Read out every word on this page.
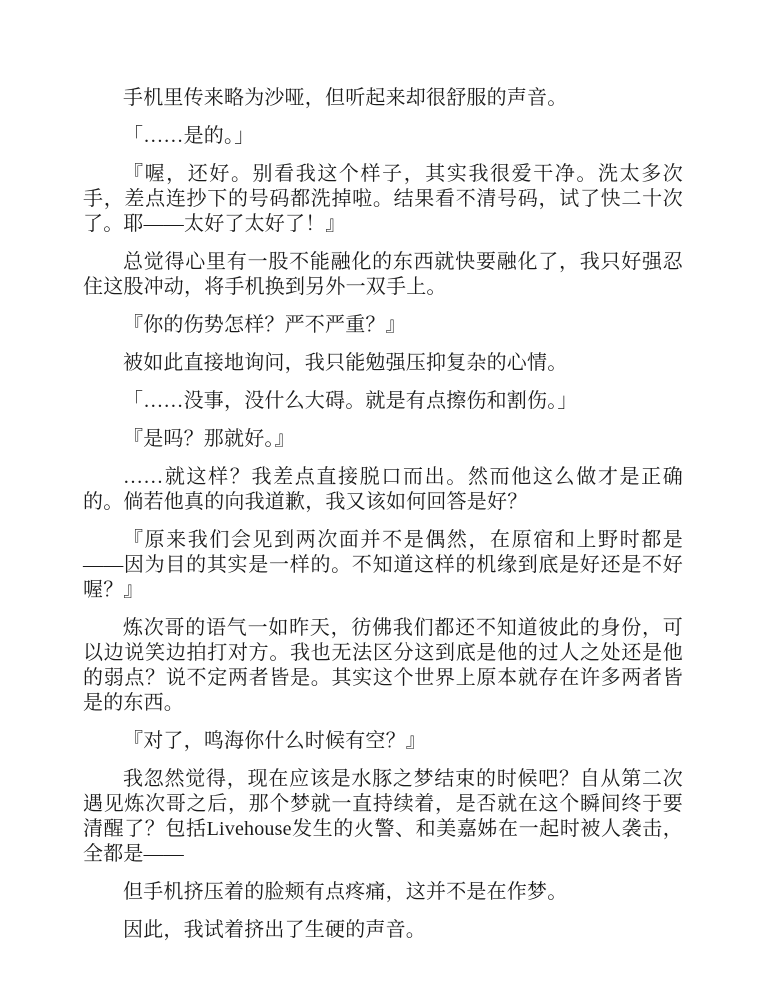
手机里传来略为沙哑，但听起来却很舒服的声音。

「……是的。」

『喔，还好。别看我这个样子，其实我很爱干净。洗太多次手，差点连抄下的号码都洗掉啦。结果看不清号码，试了快二十次了。耶——太好了太好了！』

总觉得心里有一股不能融化的东西就快要融化了，我只好强忍住这股冲动，将手机换到另外一双手上。

『你的伤势怎样？严不严重？』

被如此直接地询问，我只能勉强压抑复杂的心情。

「……没事，没什么大碍。就是有点擦伤和割伤。」

『是吗？那就好。』

……就这样？我差点直接脱口而出。然而他这么做才是正确的。倘若他真的向我道歉，我又该如何回答是好？

『原来我们会见到两次面并不是偶然，在原宿和上野时都是——因为目的其实是一样的。不知道这样的机缘到底是好还是不好喔？』

炼次哥的语气一如昨天，彷佛我们都还不知道彼此的身份，可以边说笑边拍打对方。我也无法区分这到底是他的过人之处还是他的弱点？说不定两者皆是。其实这个世界上原本就存在许多两者皆是的东西。

『对了，鸣海你什么时候有空？』

我忽然觉得，现在应该是水豚之梦结束的时候吧？自从第二次遇见炼次哥之后，那个梦就一直持续着，是否就在这个瞬间终于要清醒了？包括Livehouse发生的火警、和美嘉姊在一起时被人袭击，全都是——

但手机挤压着的脸颊有点疼痛，这并不是在作梦。

因此，我试着挤出了生硬的声音。
